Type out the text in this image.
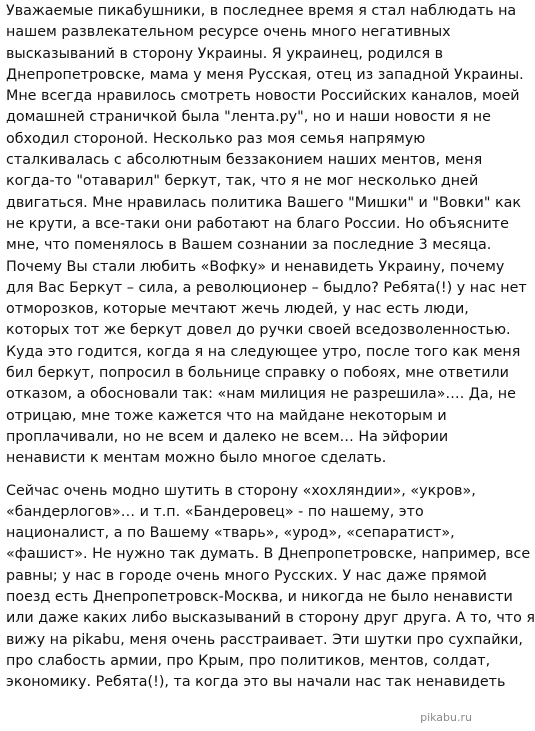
Уважаемые пикабушники, в последнее время я стал наблюдать на
нашем развлекательном ресурсе очень много негативных
высказываний в сторону Украины. Я украинец, родился в
Днепропетровске, мама у меня Русская, отец из западной Украины.
Мне всегда нравилось смотреть новости Российских каналов, моей
домашней страничкой была "лента.ру", но и наши новости я не
обходил стороной. Несколько раз моя семья напрямую
сталкивалась с абсолютным беззаконием наших ментов, меня
когда-то "отаварил" беркут, так, что я не мог несколько дней
двигаться. Мне нравилась политика Вашего "Мишки" и "Вовки" как
не крути, а все-таки они работают на благо России. Но объясните
мне, что поменялось в Вашем сознании за последние 3 месяца.
Почему Вы стали любить «Вофку» и ненавидеть Украину, почему
для Вас Беркут – сила, а революционер – быдло? Ребята(!) у нас нет
отморозков, которые мечтают жечь людей, у нас есть люди,
которых тот же беркут довел до ручки своей вседозволенностью.
Куда это годится, когда я на следующее утро, после того как меня
бил беркут, попросил в больнице справку о побоях, мне ответили
отказом, а обосновали так: «нам милиция не разрешила»…. Да, не
отрицаю, мне тоже кажется что на майдане некоторым и
проплачивали, но не всем и далеко не всем… На эйфории
ненависти к ментам можно было многое сделать.
Сейчас очень модно шутить в сторону «хохляндии», «укров»,
«бандерлогов»… и т.п. «Бандеровец» - по нашему, это
националист, а по Вашему «тварь», «урод», «сепаратист»,
«фашист». Не нужно так думать. В Днепропетровске, например, все
равны; у нас в городе очень много Русских. У нас даже прямой
поезд есть Днепропетровск-Москва, и никогда не было ненависти
или даже каких либо высказываний в сторону друг друга. А то, что я
вижу на pikabu, меня очень расстраивает. Эти шутки про сухпайки,
про слабость армии, про Крым, про политиков, ментов, солдат,
экономику. Ребята(!), та когда это вы начали нас так ненавидеть
pikabu.ru
